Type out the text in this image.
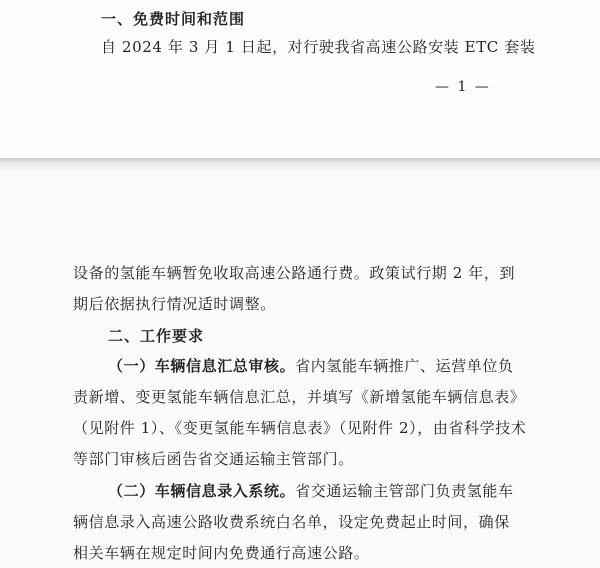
一、免费时间和范围
自 2024 年 3 月 1 日起，对行驶我省高速公路安装 ETC 套装
— 1 —
设备的氢能车辆暂免收取高速公路通行费。政策试行期 2 年，到
期后依据执行情况适时调整。
二、工作要求
（一）车辆信息汇总审核。省内氢能车辆推广、运营单位负
责新增、变更氢能车辆信息汇总，并填写《新增氢能车辆信息表》
（见附件 1）、《变更氢能车辆信息表》（见附件 2），由省科学技术
等部门审核后函告省交通运输主管部门。
（二）车辆信息录入系统。省交通运输主管部门负责氢能车
辆信息录入高速公路收费系统白名单，设定免费起止时间，确保
相关车辆在规定时间内免费通行高速公路。
